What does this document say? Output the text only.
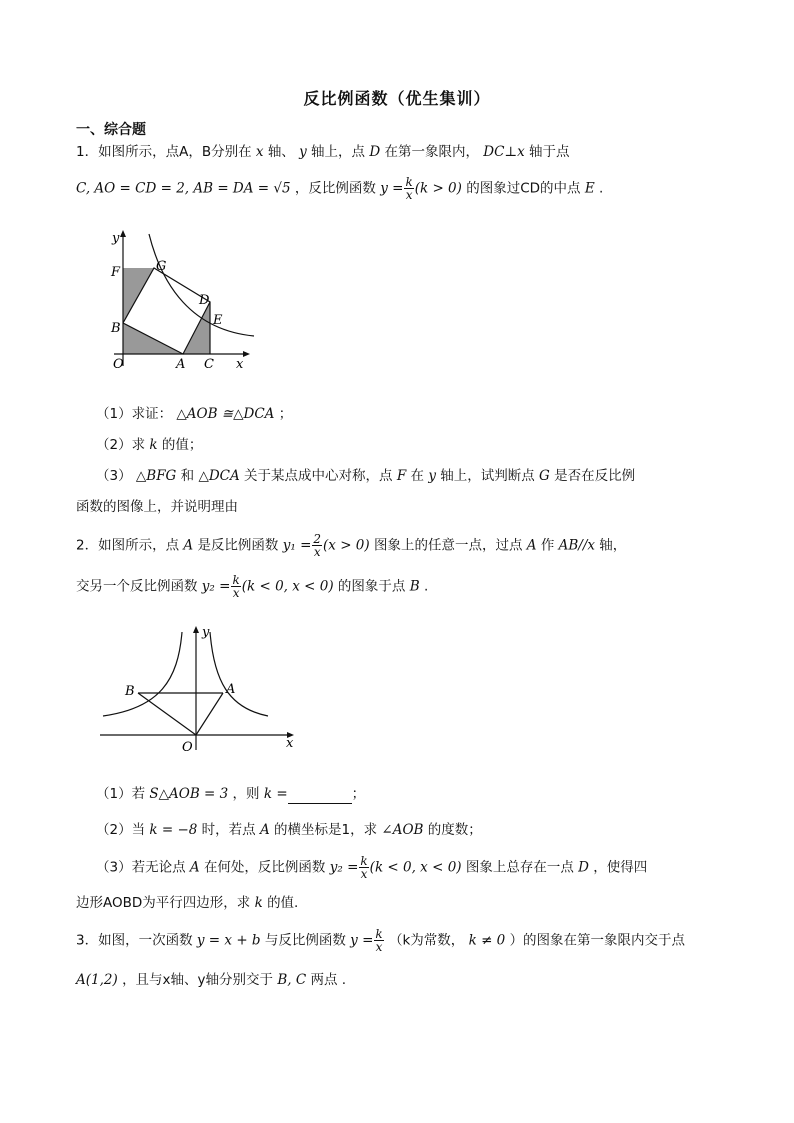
反比例函数（优生集训）
一、综合题
1．如图所示，点A，B分别在 x 轴、 y 轴上，点 D 在第一象限内， DC⊥x 轴于点
C, AO = CD = 2, AB = DA = √5 ，反比例函数 $y = \frac{k}{x} (k > 0)$ 的图象过CD的中点 E .
y
F	G
D
E
B
O	A C x
（1）求证： △AOB ≅△DCA ；
（2）求 k 的值；
（3） △BFG 和 △DCA 关于某点成中心对称，点 F 在 y 轴上，试判断点 G 是否在反比例
函数的图像上，并说明理由
2．如图所示，点 A 是反比例函数 $y_1 = \frac{2}{x} (x > 0)$ 图象上的任意一点，过点 A 作 AB//x 轴，
交另一个反比例函数 $y_2 = \frac{k}{x} (k < 0$, x < 0) 的图象于点 B .
y
B	A
O	x
（1）若 S△AOB = 3 ，则 k =	；
（2）当 k = −8 时，若点 A 的横坐标是1，求 ∠AOB 的度数；
（3）若无论点 A 在何处，反比例函数 $y_2 = \frac{k}{x} (k < 0$, x < 0) 图象上总存在一点 D ，使得四
边形AOBD为平行四边形，求 k 的值.
3．如图，一次函数 y = x + b 与反比例函数 $y = \frac{k}{x} (k$为常数， k ≠ 0 ）的图象在第一象限内交于点
A(1,2) ，且与x轴、y轴分别交于 B, C 两点 .
